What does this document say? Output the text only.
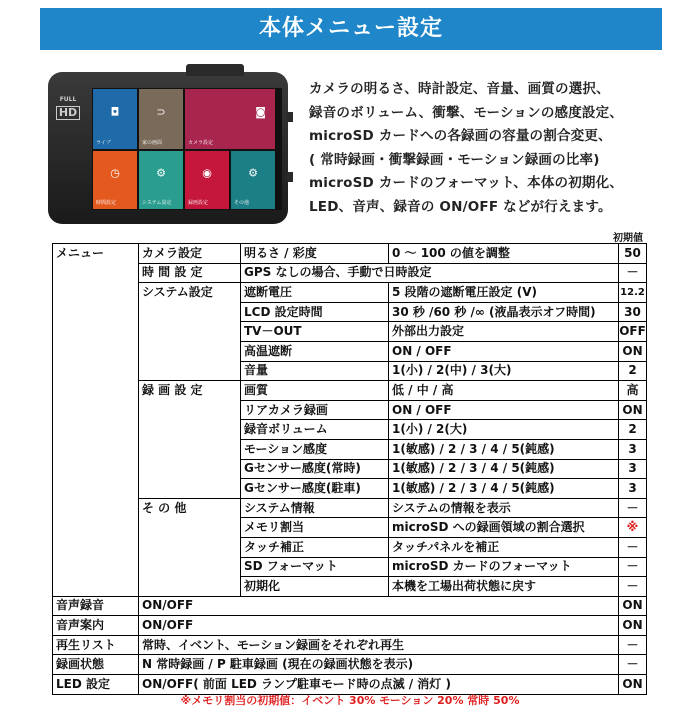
本体メニュー設定
FULL
HD	◘
ライブ
⊃
家の画面
◙
カメラ設定
◷
時間設定
⚙
システム設定
◉
録画設定
⚙
その他
カメラの明るさ、時計設定、音量、画質の選択、
録音のボリューム、衝撃、モーションの感度設定、
microSD カードへの各録画の容量の割合変更、
( 常時録画・衝撃録画・モーション録画の比率)
microSD カードのフォーマット、本体の初期化、
LED、音声、録音の ON/OFF などが行えます。
初期値
メニュー	カメラ設定	明るさ / 彩度	0 ～ 100 の値を調整	50
	時 間 設 定	GPS なしの場合、手動で日時設定		－
	システム設定	遮断電圧	5 段階の遮断電圧設定 (V)	12.2
		LCD 設定時間	30 秒 /60 秒 /∞ (液晶表示オフ時間)	30
		TV－OUT	外部出力設定	OFF
		高温遮断	ON / OFF	ON
		音量	1(小) / 2(中) / 3(大)	2
	録 画 設 定	画質	低 / 中 / 高	高
		リアカメラ録画	ON / OFF	ON
		録音ボリューム	1(小) / 2(大)	2
		モーション感度	1(敏感) / 2 / 3 / 4 / 5(鈍感)	3
		Gセンサー感度(常時)	1(敏感) / 2 / 3 / 4 / 5(鈍感)	3
		Gセンサー感度(駐車)	1(敏感) / 2 / 3 / 4 / 5(鈍感)	3
	そ の 他	システム情報	システムの情報を表示	－
		メモリ割当	microSD への録画領域の割合選択	※
		タッチ補正	タッチパネルを補正	－
		SD フォーマット	microSD カードのフォーマット	－
		初期化	本機を工場出荷状態に戻す	－
音声録音	ON/OFF			ON
音声案内	ON/OFF			ON
再生リスト	常時、イベント、モーション録画をそれぞれ再生			－
録画状態	N 常時録画 / P 駐車録画 (現在の録画状態を表示)			－
LED 設定	ON/OFF( 前面 LED ランプ駐車モード時の点滅 / 消灯 )			ON
※メモリ割当の初期値：イベント 30% モーション 20% 常時 50%
